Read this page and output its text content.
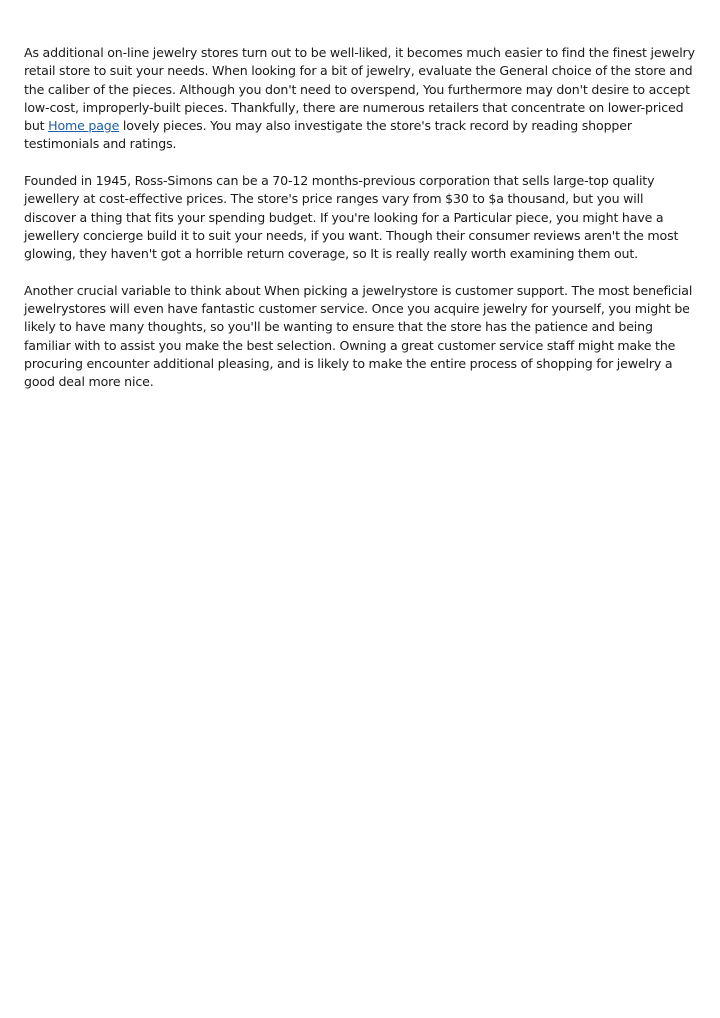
As additional on-line jewelry stores turn out to be well-liked, it becomes much easier to find the finest jewelry retail store to suit your needs. When looking for a bit of jewelry, evaluate the General choice of the store and the caliber of the pieces. Although you don't need to overspend, You furthermore may don't desire to accept low-cost, improperly-built pieces. Thankfully, there are numerous retailers that concentrate on lower-priced but Home page lovely pieces. You may also investigate the store's track record by reading shopper testimonials and ratings.

Founded in 1945, Ross-Simons can be a 70-12 months-previous corporation that sells large-top quality jewellery at cost-effective prices. The store's price ranges vary from $30 to $a thousand, but you will discover a thing that fits your spending budget. If you're looking for a Particular piece, you might have a jewellery concierge build it to suit your needs, if you want. Though their consumer reviews aren't the most glowing, they haven't got a horrible return coverage, so It is really really worth examining them out.

Another crucial variable to think about When picking a jewelrystore is customer support. The most beneficial jewelrystores will even have fantastic customer service. Once you acquire jewelry for yourself, you might be likely to have many thoughts, so you'll be wanting to ensure that the store has the patience and being familiar with to assist you make the best selection. Owning a great customer service staff might make the procuring encounter additional pleasing, and is likely to make the entire process of shopping for jewelry a good deal more nice.
